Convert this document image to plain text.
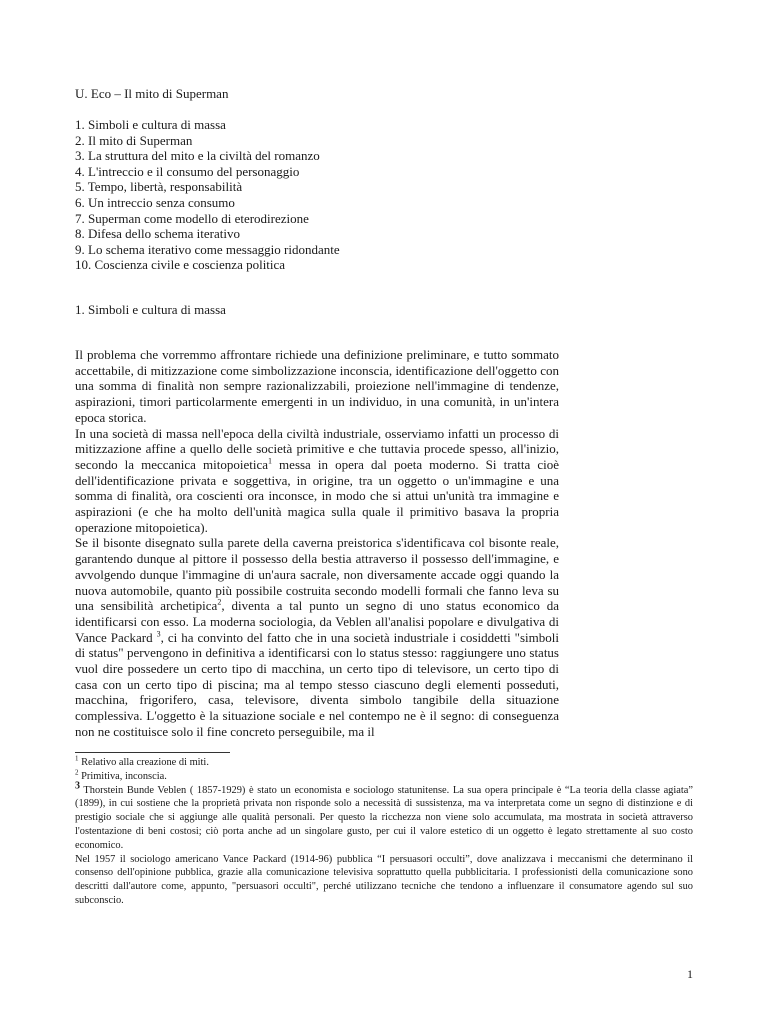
U. Eco – Il mito di Superman
1. Simboli e cultura di massa
2. Il mito di Superman
3. La struttura del mito e la civiltà del romanzo
4. L'intreccio e il consumo del personaggio
5. Tempo, libertà, responsabilità
6. Un intreccio senza consumo
7. Superman come modello di eterodirezione
8. Difesa dello schema iterativo
9. Lo schema iterativo come messaggio ridondante
10. Coscienza civile e coscienza politica
1. Simboli e cultura di massa

Il problema che vorremmo affrontare richiede una definizione preliminare, e tutto sommato accettabile, di mitizzazione come simbolizzazione inconscia, identificazione dell'oggetto con una somma di finalità non sempre razionalizzabili, proiezione nell'immagine di tendenze, aspirazioni, timori particolarmente emergenti in un individuo, in una comunità, in un'intera epoca storica.

In una società di massa nell'epoca della civiltà industriale, osserviamo infatti un processo di mitizzazione affine a quello delle società primitive e che tuttavia procede spesso, all'inizio, secondo la meccanica mitopoietica$^1$ messa in opera dal poeta moderno. Si tratta cioè dell'identificazione privata e soggettiva, in origine, tra un oggetto o un'immagine e una somma di finalità, ora coscienti ora inconsce, in modo che si attui un'unità tra immagine e aspirazioni (e che ha molto dell'unità magica sulla quale il primitivo basava la propria operazione mitopoietica).

Se il bisonte disegnato sulla parete della caverna preistorica s'identificava col bisonte reale, garantendo dunque al pittore il possesso della bestia attraverso il possesso dell'immagine, e avvolgendo dunque l'immagine di un'aura sacrale, non diversamente accade oggi quando la nuova automobile, quanto più possibile costruita secondo modelli formali che fanno leva su una sensibilità archetipica$^2$, diventa a tal punto un segno di uno status economico da identificarsi con esso. La moderna sociologia, da Veblen all'analisi popolare e divulgativa di Vance Packard $^3$, ci ha convinto del fatto che in una società industriale i cosiddetti "simboli di status" pervengono in definitiva a identificarsi con lo status stesso: raggiungere uno status vuol dire possedere un certo tipo di macchina, un certo tipo di televisore, un certo tipo di casa con un certo tipo di piscina; ma al tempo stesso ciascuno degli elementi posseduti, macchina, frigorifero, casa, televisore, diventa simbolo tangibile della situazione complessiva. L'oggetto è la situazione sociale e nel contempo ne è il segno: di conseguenza non ne costituisce solo il fine concreto perseguibile, ma il

$^1$ Relativo alla creazione di miti.

$^2$ Primitiva, inconscia.

3 Thorstein Bunde Veblen ( 1857-1929) è stato un economista e sociologo statunitense. La sua opera principale è “La teoria della classe agiata” (1899), in cui sostiene che la proprietà privata non risponde solo a necessità di sussistenza, ma va interpretata come un segno di distinzione e di prestigio sociale che si aggiunge alle qualità personali. Per questo la ricchezza non viene solo accumulata, ma mostrata in società attraverso l'ostentazione di beni costosi; ciò porta anche ad un singolare gusto, per cui il valore estetico di un oggetto è legato strettamente al suo costo economico.

Nel 1957 il sociologo americano Vance Packard (1914-96) pubblica “I persuasori occulti”, dove analizzava i meccanismi che determinano il consenso dell'opinione pubblica, grazie alla comunicazione televisiva soprattutto quella pubblicitaria. I professionisti della comunicazione sono descritti dall'autore come, appunto, "persuasori occulti", perché utilizzano tecniche che tendono a influenzare il consumatore agendo sul suo subconscio.

1
